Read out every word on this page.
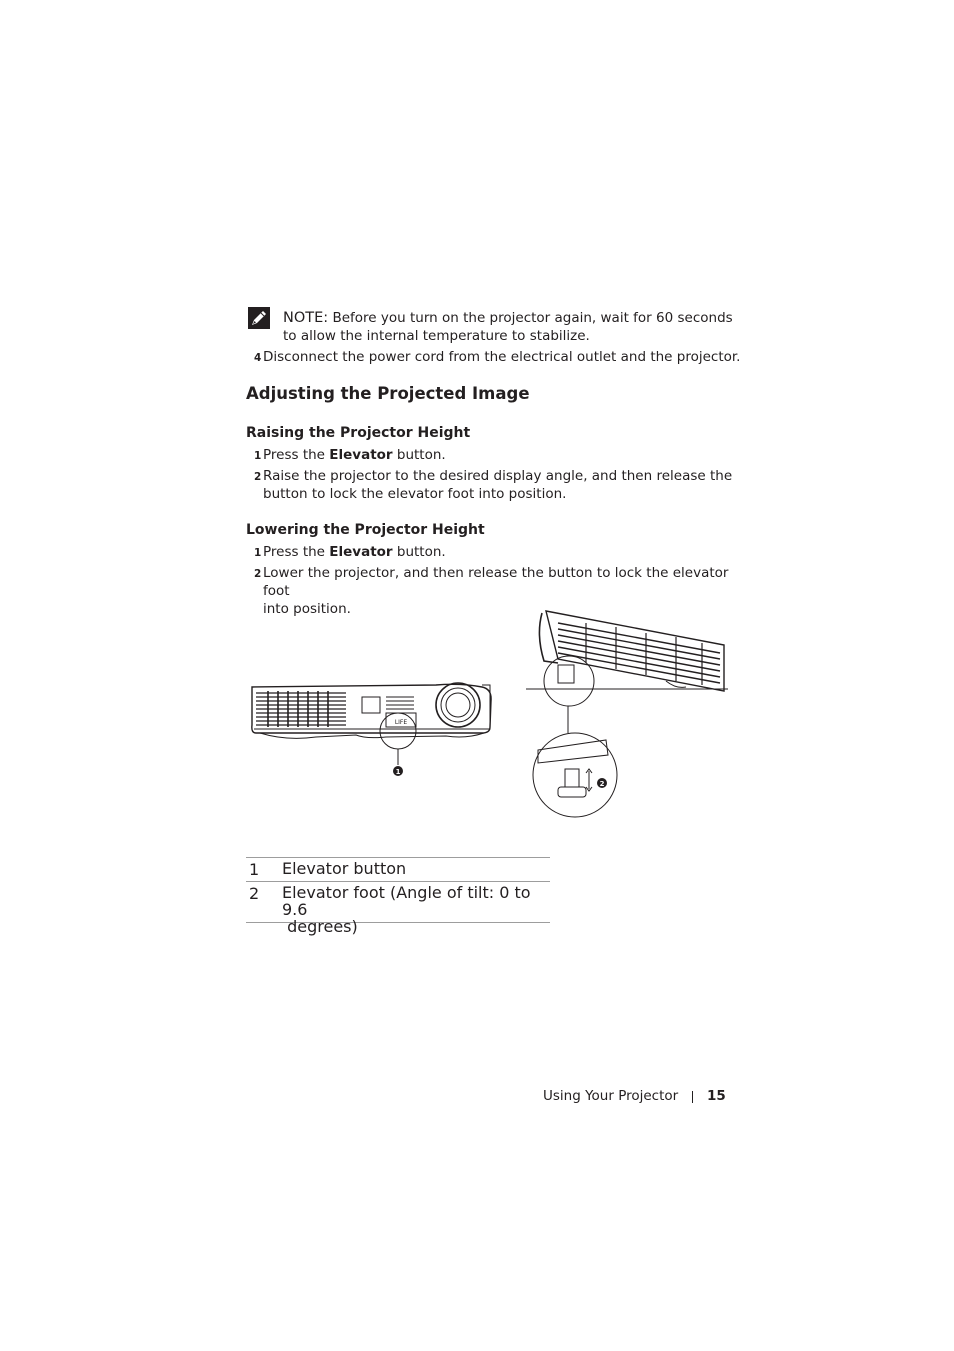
NOTE: Before you turn on the projector again, wait for 60 seconds
to allow the internal temperature to stabilize.
4 Disconnect the power cord from the electrical outlet and the projector.
Adjusting the Projected Image
Raising the Projector Height
1 Press the Elevator button.
2 Raise the projector to the desired display angle, and then release the
button to lock the elevator foot into position.
Lowering the Projector Height
1 Press the Elevator button.
2 Lower the projector, and then release the button to lock the elevator foot
into position.
LIFE
1
2
1 Elevator button
2 Elevator foot (Angle of tilt: 0 to 9.6
degrees)
Using Your Projector 15
